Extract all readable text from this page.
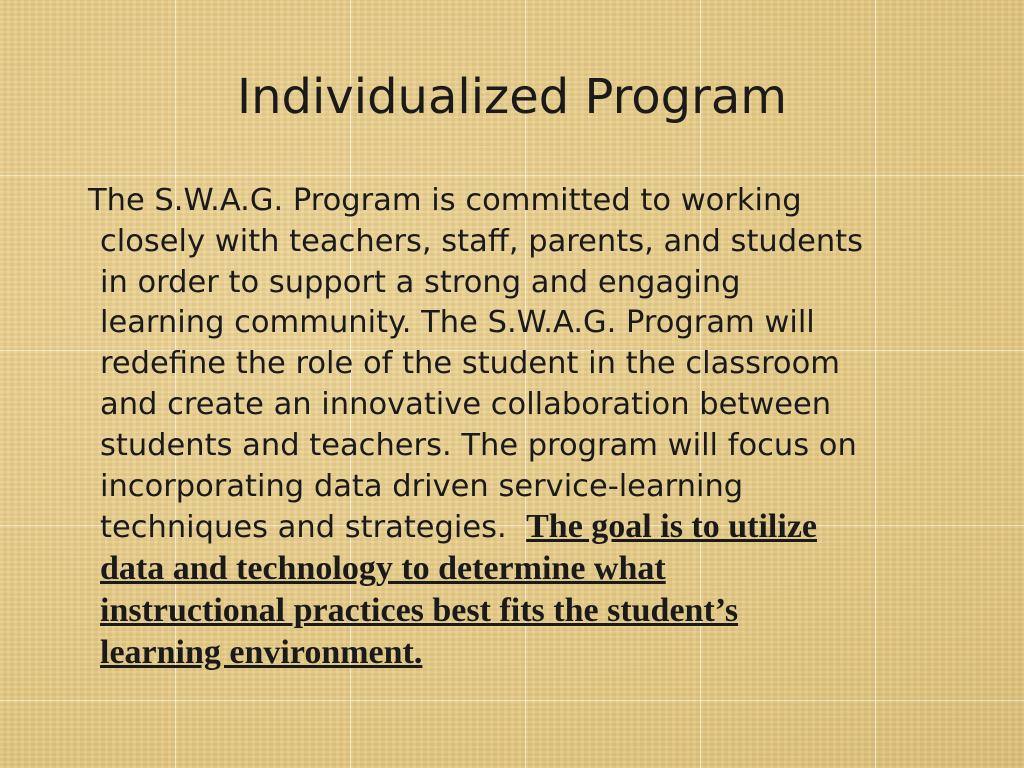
Individualized Program
The S.W.A.G. Program is committed to working
closely with teachers, staff, parents, and students
in order to support a strong and engaging
learning community. The S.W.A.G. Program will
redefine the role of the student in the classroom
and create an innovative collaboration between
students and teachers. The program will focus on
incorporating data driven service-learning
techniques and strategies. The goal is to utilize
data and technology to determine what
instructional practices best fits the student’s
learning environment.
